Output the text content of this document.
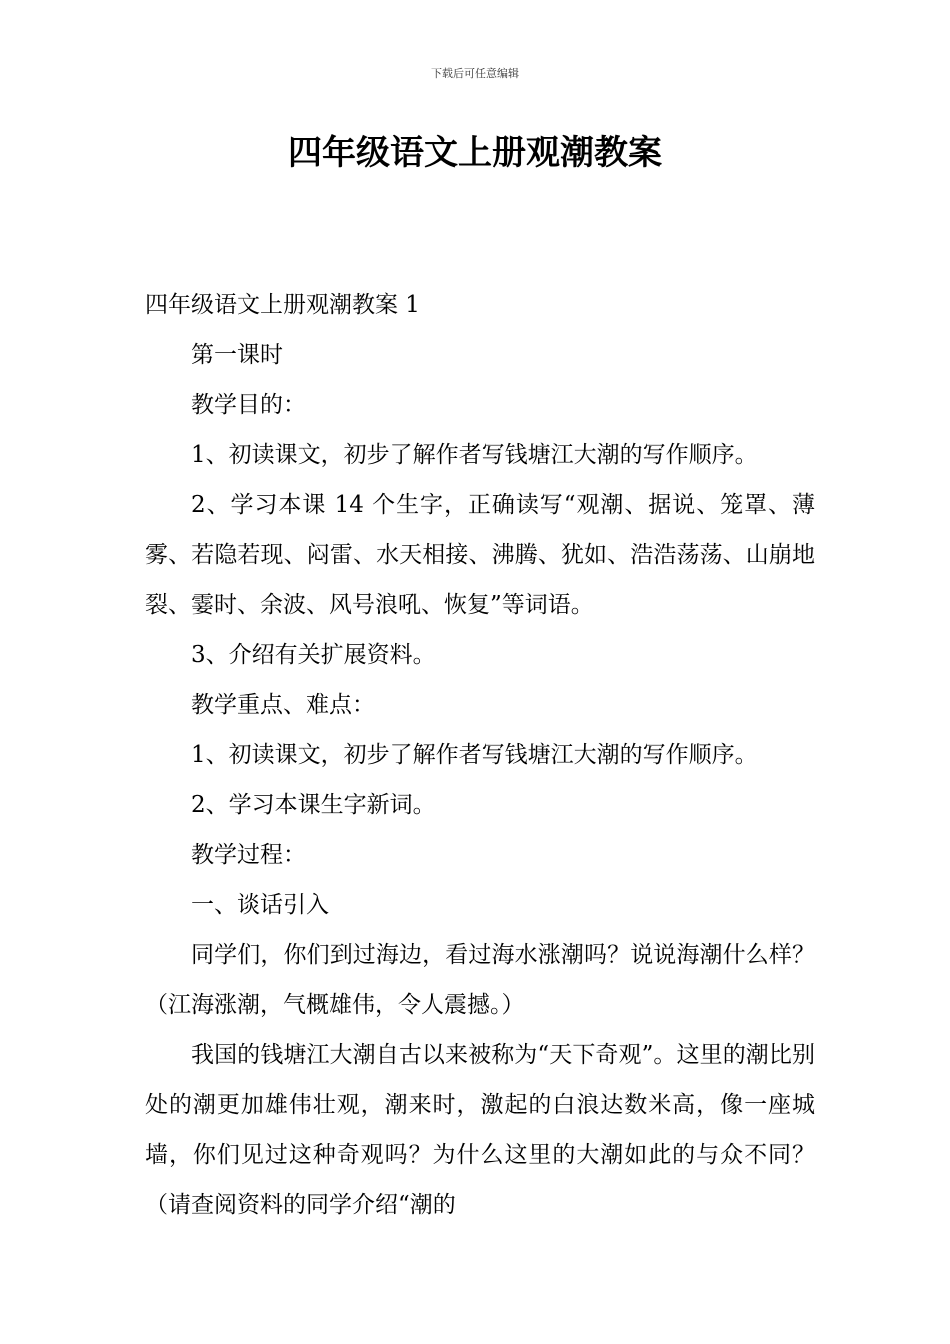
下载后可任意编辑
四年级语文上册观潮教案

四年级语文上册观潮教案 1

第一课时

教学目的：

1、初读课文，初步了解作者写钱塘江大潮的写作顺序。

2、学习本课 14 个生字，正确读写“观潮、据说、笼罩、薄雾、若隐若现、闷雷、水天相接、沸腾、犹如、浩浩荡荡、山崩地裂、霎时、余波、风号浪吼、恢复”等词语。

3、介绍有关扩展资料。

教学重点、难点：

1、初读课文，初步了解作者写钱塘江大潮的写作顺序。

2、学习本课生字新词。

教学过程：

一、谈话引入

同学们，你们到过海边，看过海水涨潮吗？说说海潮什么样？（江海涨潮，气概雄伟，令人震撼。）

我国的钱塘江大潮自古以来被称为“天下奇观”。这里的潮比别处的潮更加雄伟壮观，潮来时，激起的白浪达数米高，像一座城墙，你们见过这种奇观吗？为什么这里的大潮如此的与众不同？（请查阅资料的同学介绍“潮的
